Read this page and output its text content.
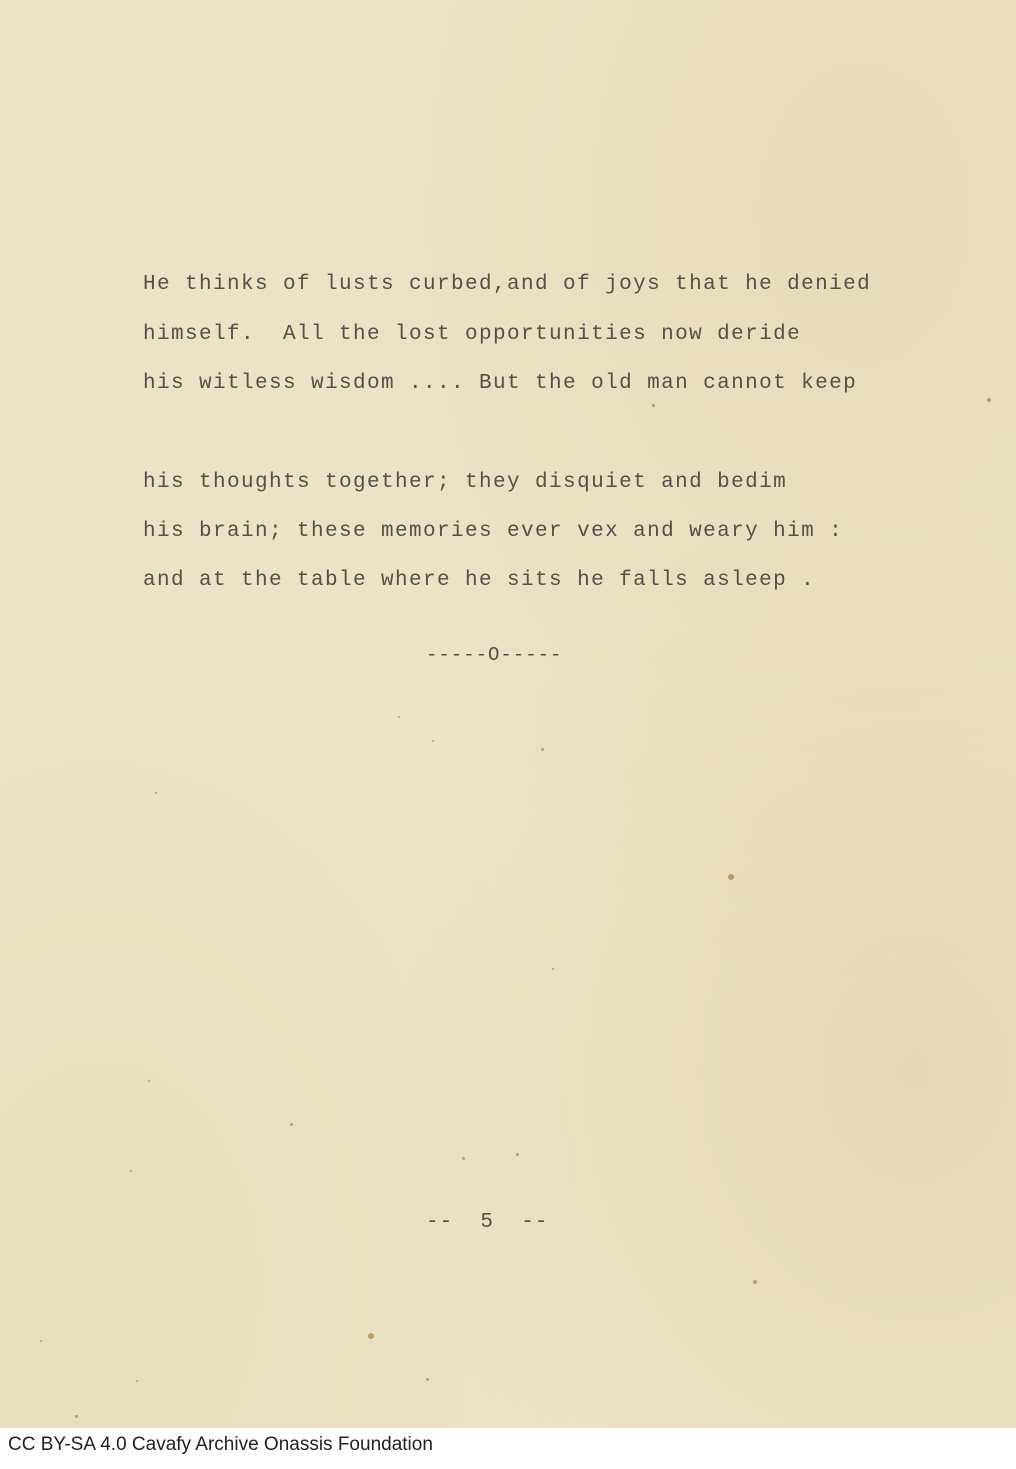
He thinks of lusts curbed,and of joys that he denied
himself.  All the lost opportunities now deride
his witless wisdom .... But the old man cannot keep
his thoughts together; they disquiet and bedim
his brain; these memories ever vex and weary him :
and at the table where he sits he falls asleep .
-----O-----
--  5  --
CC BY-SA 4.0 Cavafy Archive Onassis Foundation
